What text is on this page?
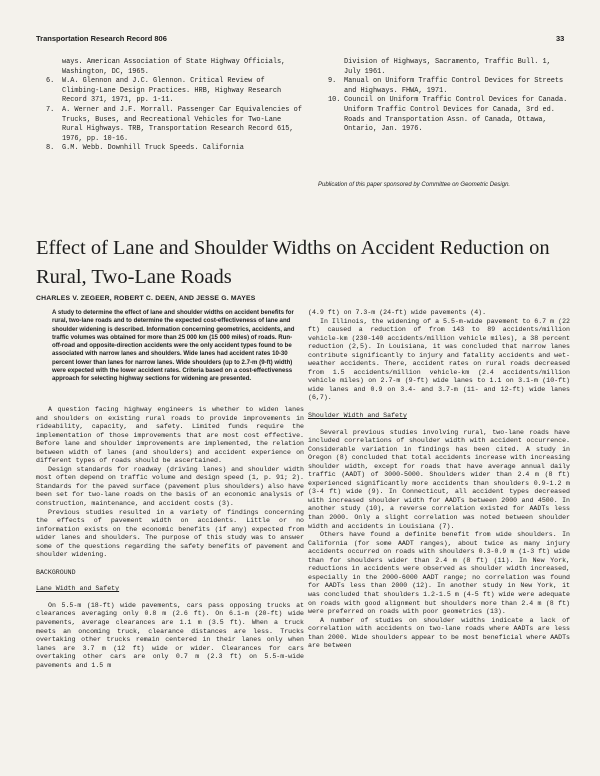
Transportation Research Record 806	33
ways. American Association of State Highway Officials, Washington, DC, 1965.
6. W.A. Glennon and J.C. Glennon. Critical Review of Climbing-Lane Design Practices. HRB, Highway Research Record 371, 1971, pp. 1-11.
7. A. Werner and J.F. Morrall. Passenger Car Equivalencies of Trucks, Buses, and Recreational Vehicles for Two-Lane Rural Highways. TRB, Transportation Research Record 615, 1976, pp. 10-16.
8. G.M. Webb. Downhill Truck Speeds. California
Division of Highways, Sacramento, Traffic Bull. 1, July 1961.
9. Manual on Uniform Traffic Control Devices for Streets and Highways. FHWA, 1971.
10. Council on Uniform Traffic Control Devices for Canada. Uniform Traffic Control Devices for Canada, 3rd ed. Roads and Transportation Assn. of Canada, Ottawa, Ontario, Jan. 1976.
Publication of this paper sponsored by Committee on Geometric Design.
Effect of Lane and Shoulder Widths on Accident Reduction on Rural, Two-Lane Roads
CHARLES V. ZEGEER, ROBERT C. DEEN, AND JESSE G. MAYES
A study to determine the effect of lane and shoulder widths on accident benefits for rural, two-lane roads and to determine the expected cost-effectiveness of lane and shoulder widening is described. Information concerning geometrics, accidents, and traffic volumes was obtained for more than 25 000 km (15 000 miles) of roads. Run-off-road and opposite-direction accidents were the only accident types found to be associated with narrow lanes and shoulders. Wide lanes had accident rates 10-30 percent lower than lanes for narrow lanes. Wide shoulders (up to 2.7-m (9-ft) width) were expected with the lower accident rates. Criteria based on a cost-effectiveness approach for selecting highway sections for widening are presented.

A question facing highway engineers is whether to widen lanes and shoulders on existing rural roads to provide improvements in rideability, capacity, and safety. Limited funds require the implementation of those improvements that are most cost effective. Before lane and shoulder improvements are implemented, the relation between width of lanes (and shoulders) and accident experience on different types of roads should be ascertained.

Design standards for roadway (driving lanes) and shoulder width most often depend on traffic volume and design speed (1, p. 91; 2). Standards for the paved surface (pavement plus shoulders) also have been set for two-lane roads on the basis of an economic analysis of construction, maintenance, and accident costs (3).

Previous studies resulted in a variety of findings concerning the effects of pavement width on accidents. Little or no information exists on the economic benefits (if any) expected from wider lanes and shoulders. The purpose of this study was to answer some of the questions regarding the safety benefits of pavement and shoulder widening.

BACKGROUND
Lane Width and Safety

On 5.5-m (18-ft) wide pavements, cars pass opposing trucks at clearances averaging only 0.8 m (2.6 ft). On 6.1-m (20-ft) wide pavements, average clearances are 1.1 m (3.5 ft). When a truck meets an oncoming truck, clearance distances are less. Trucks overtaking other trucks remain centered in their lanes only when lanes are 3.7 m (12 ft) wide or wider. Clearances for cars overtaking other cars are only 0.7 m (2.3 ft) on 5.5-m-wide pavements and 1.5 m

(4.9 ft) on 7.3-m (24-ft) wide pavements (4).

In Illinois, the widening of a 5.5-m-wide pavement to 6.7 m (22 ft) caused a reduction of from 143 to 89 accidents/million vehicle-km (230-140 accidents/million vehicle miles), a 38 percent reduction (2,5). In Louisiana, it was concluded that narrow lanes contribute significantly to injury and fatality accidents and wet-weather accidents. There, accident rates on rural roads decreased from 1.5 accidents/million vehicle-km (2.4 accidents/million vehicle miles) on 2.7-m (9-ft) wide lanes to 1.1 on 3.1-m (10-ft) wide lanes and 0.9 on 3.4- and 3.7-m (11- and 12-ft) wide lanes (6,7).

Shoulder Width and Safety

Several previous studies involving rural, two-lane roads have included correlations of shoulder width with accident occurrence. Considerable variation in findings has been cited. A study in Oregon (8) concluded that total accidents increase with increasing shoulder width, except for roads that have average annual daily traffic (AADT) of 3000-5000. Shoulders wider than 2.4 m (8 ft) experienced significantly more accidents than shoulders 0.9-1.2 m (3-4 ft) wide (9). In Connecticut, all accident types decreased with increased shoulder width for AADTs between 2000 and 4500. In another study (10), a reverse correlation existed for AADTs less than 2000. Only a slight correlation was noted between shoulder width and accidents in Louisiana (7).

Others have found a definite benefit from wide shoulders. In California (for some AADT ranges), about twice as many injury accidents occurred on roads with shoulders 0.3-0.9 m (1-3 ft) wide than for shoulders wider than 2.4 m (8 ft) (11). In New York, reductions in accidents were observed as shoulder width increased, especially in the 2000-6000 AADT range; no correlation was found for AADTs less than 2000 (12). In another study in New York, it was concluded that shoulders 1.2-1.5 m (4-5 ft) wide were adequate on roads with good alignment but shoulders more than 2.4 m (8 ft) were preferred on roads with poor geometrics (13).

A number of studies on shoulder widths indicate a lack of correlation with accidents on two-lane roads where AADTs are less than 2000. Wide shoulders appear to be most beneficial where AADTs are between
